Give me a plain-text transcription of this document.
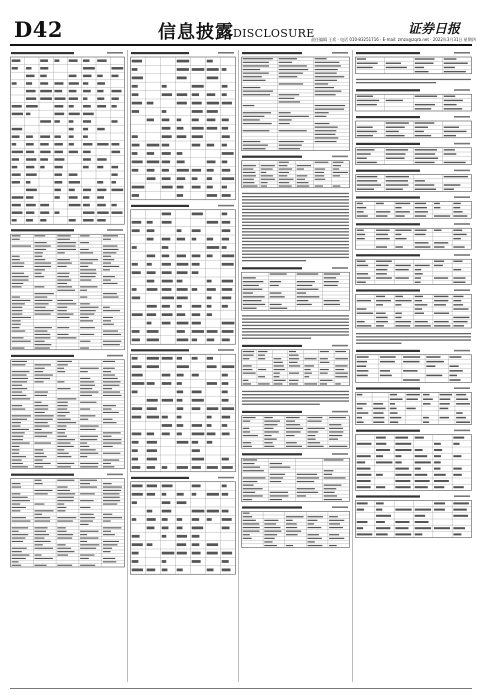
D42	信息披露 DISCLOSURE	证券日报
责任编辑 王希 · 电话 010-83251716 · E-mail: zmzx@zqrb.net · 2022年3月31日 星期四
